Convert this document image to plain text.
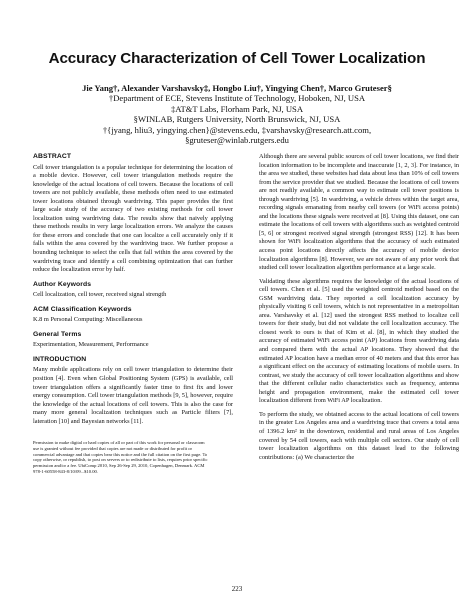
Accuracy Characterization of Cell Tower Localization
Jie Yang†, Alexander Varshavsky‡, Hongbo Liu†, Yingying Chen†, Marco Gruteser§
†Department of ECE, Stevens Institute of Technology, Hoboken, NJ, USA
‡AT&T Labs, Florham Park, NJ, USA
§WINLAB, Rutgers University, North Brunswick, NJ, USA
†{jyang, hliu3, yingying.chen}@stevens.edu, ‡varshavsky@research.att.com,
§gruteser@winlab.rutgers.edu
ABSTRACT

Cell tower triangulation is a popular technique for determining the location of a mobile device. However, cell tower triangulation methods require the knowledge of the actual locations of cell towers. Because the locations of cell towers are not publicly available, these methods often need to use estimated tower locations obtained through wardriving. This paper provides the first large scale study of the accuracy of two existing methods for cell tower localization using wardriving data. The results show that naively applying these methods results in very large localization errors. We analyze the causes for these errors and conclude that one can localize a cell accurately only if it falls within the area covered by the wardriving trace. We further propose a bounding technique to select the cells that fall within the area covered by the wardriving trace and identify a cell combining optimization that can further reduce the localization error by half.

Author Keywords

Cell localization, cell tower, received signal strength

ACM Classification Keywords

K.8 m Personal Computing: Miscellaneous

General Terms

Experimentation, Measurement, Performance

INTRODUCTION

Many mobile applications rely on cell tower triangulation to determine their position [4]. Even when Global Positioning System (GPS) is available, cell tower triangulation offers a significantly faster time to first fix and lower energy consumption. Cell tower triangulation methods [9, 5], however, require the knowledge of the actual locations of cell towers. This is also the case for many more general localization techniques such as Particle filters [7], lateration [10] and Bayesian networks [11].

Permission to make digital or hard copies of all or part of this work for personal or classroom use is granted without fee provided that copies are not made or distributed for profit or commercial advantage and that copies bear this notice and the full citation on the first page. To copy otherwise, or republish, to post on servers or to redistribute to lists, requires prior specific permission and/or a fee. UbiComp 2010, Sep 26-Sep 29, 2010, Copenhagen, Denmark. ACM 978-1-60558-843-8/10/09...$10.00.

Although there are several public sources of cell tower locations, we find their location information to be incomplete and inaccurate [1, 2, 3]. For instance, in the area we studied, these websites had data about less than 10% of cell towers from the service provider that we studied. Because the locations of cell towers are not readily available, a common way to estimate cell tower positions is through wardriving [5]. In wardriving, a vehicle drives within the target area, recording signals emanating from nearby cell towers (or WiFi access points) and the locations these signals were received at [8]. Using this dataset, one can estimate the locations of cell towers with algorithms such as weighted centroid [5, 6] or strongest received signal strength (strongest RSS) [12]. It has been shown for WiFi localization algorithms that the accuracy of such estimated access point locations directly affects the accuracy of mobile device localization algorithms [8]. However, we are not aware of any prior work that studied cell tower localization algorithm performance at a large scale.

Validating these algorithms requires the knowledge of the actual locations of cell towers. Chen et al. [5] used the weighted centroid method based on the GSM wardriving data. They reported a cell localization accuracy by physically visiting 6 cell towers, which is not representative in a metropolitan area. Varshavsky et al. [12] used the strongest RSS method to localize cell towers for their study, but did not validate the cell localization accuracy. The closest work to ours is that of Kim et al. [8], in which they studied the accuracy of estimated WiFi access point (AP) locations from wardriving data and compared them with the actual AP locations. They showed that the estimated AP location have a median error of 40 meters and that this error has a significant effect on the accuracy of estimating locations of mobile users. In contrast, we study the accuracy of cell tower localization algorithms and show that the different cellular radio characteristics such as frequency, antenna height and propagation environment, make the estimated cell tower localization different from WiFi AP localization.

To perform the study, we obtained access to the actual locations of cell towers in the greater Los Angeles area and a wardriving trace that covers a total area of 1396.2 km² in the downtown, residential and rural areas of Los Angeles covered by 54 cell towers, each with multiple cell sectors. Our study of cell tower localization algorithms on this dataset lead to the following contributions: (a) We characterize the

223
